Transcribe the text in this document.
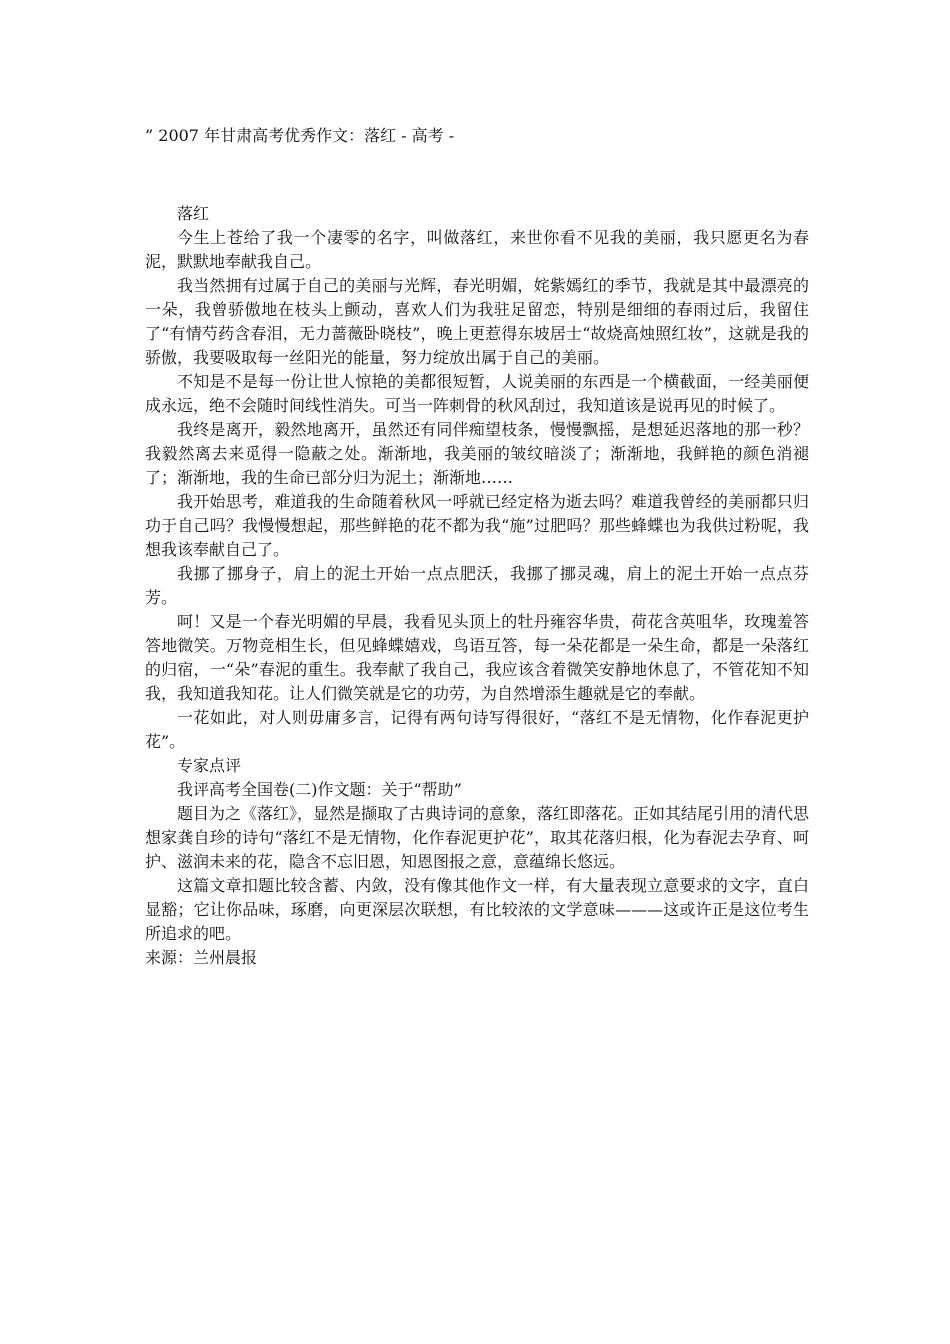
” 2007 年甘肃高考优秀作文：落红 - 高考 -

落红

今生上苍给了我一个凄零的名字，叫做落红，来世你看不见我的美丽，我只愿更名为春泥，默默地奉献我自己。

我当然拥有过属于自己的美丽与光辉，春光明媚，姹紫嫣红的季节，我就是其中最漂亮的一朵，我曾骄傲地在枝头上颤动，喜欢人们为我驻足留恋，特别是细细的春雨过后，我留住了“有情芍药含春泪，无力蔷薇卧晓枝”，晚上更惹得东坡居士“故烧高烛照红妆”，这就是我的骄傲，我要吸取每一丝阳光的能量，努力绽放出属于自己的美丽。

不知是不是每一份让世人惊艳的美都很短暂，人说美丽的东西是一个横截面，一经美丽便成永远，绝不会随时间线性消失。可当一阵刺骨的秋风刮过，我知道该是说再见的时候了。

我终是离开，毅然地离开，虽然还有同伴痴望枝条，慢慢飘摇，是想延迟落地的那一秒？我毅然离去来觅得一隐蔽之处。渐渐地，我美丽的皱纹暗淡了；渐渐地，我鲜艳的颜色消褪了；渐渐地，我的生命已部分归为泥土；渐渐地……

我开始思考，难道我的生命随着秋风一呼就已经定格为逝去吗？难道我曾经的美丽都只归功于自己吗？我慢慢想起，那些鲜艳的花不都为我“施”过肥吗？那些蜂蝶也为我供过粉呢，我想我该奉献自己了。

我挪了挪身子，肩上的泥土开始一点点肥沃，我挪了挪灵魂，肩上的泥土开始一点点芬芳。

呵！又是一个春光明媚的早晨，我看见头顶上的牡丹雍容华贵，荷花含英咀华，玫瑰羞答答地微笑。万物竞相生长，但见蜂蝶嬉戏，鸟语互答，每一朵花都是一朵生命，都是一朵落红的归宿，一“朵”春泥的重生。我奉献了我自己，我应该含着微笑安静地休息了，不管花知不知我，我知道我知花。让人们微笑就是它的功劳，为自然增添生趣就是它的奉献。

一花如此，对人则毋庸多言，记得有两句诗写得很好，“落红不是无情物，化作春泥更护花”。

专家点评

我评高考全国卷(二)作文题：关于“帮助”

题目为之《落红》，显然是撷取了古典诗词的意象，落红即落花。正如其结尾引用的清代思想家龚自珍的诗句“落红不是无情物，化作春泥更护花”，取其花落归根，化为春泥去孕育、呵护、滋润未来的花，隐含不忘旧恩，知恩图报之意，意蕴绵长悠远。

这篇文章扣题比较含蓄、内敛，没有像其他作文一样，有大量表现立意要求的文字，直白显豁；它让你品味，琢磨，向更深层次联想，有比较浓的文学意味———这或许正是这位考生所追求的吧。

来源：兰州晨报
